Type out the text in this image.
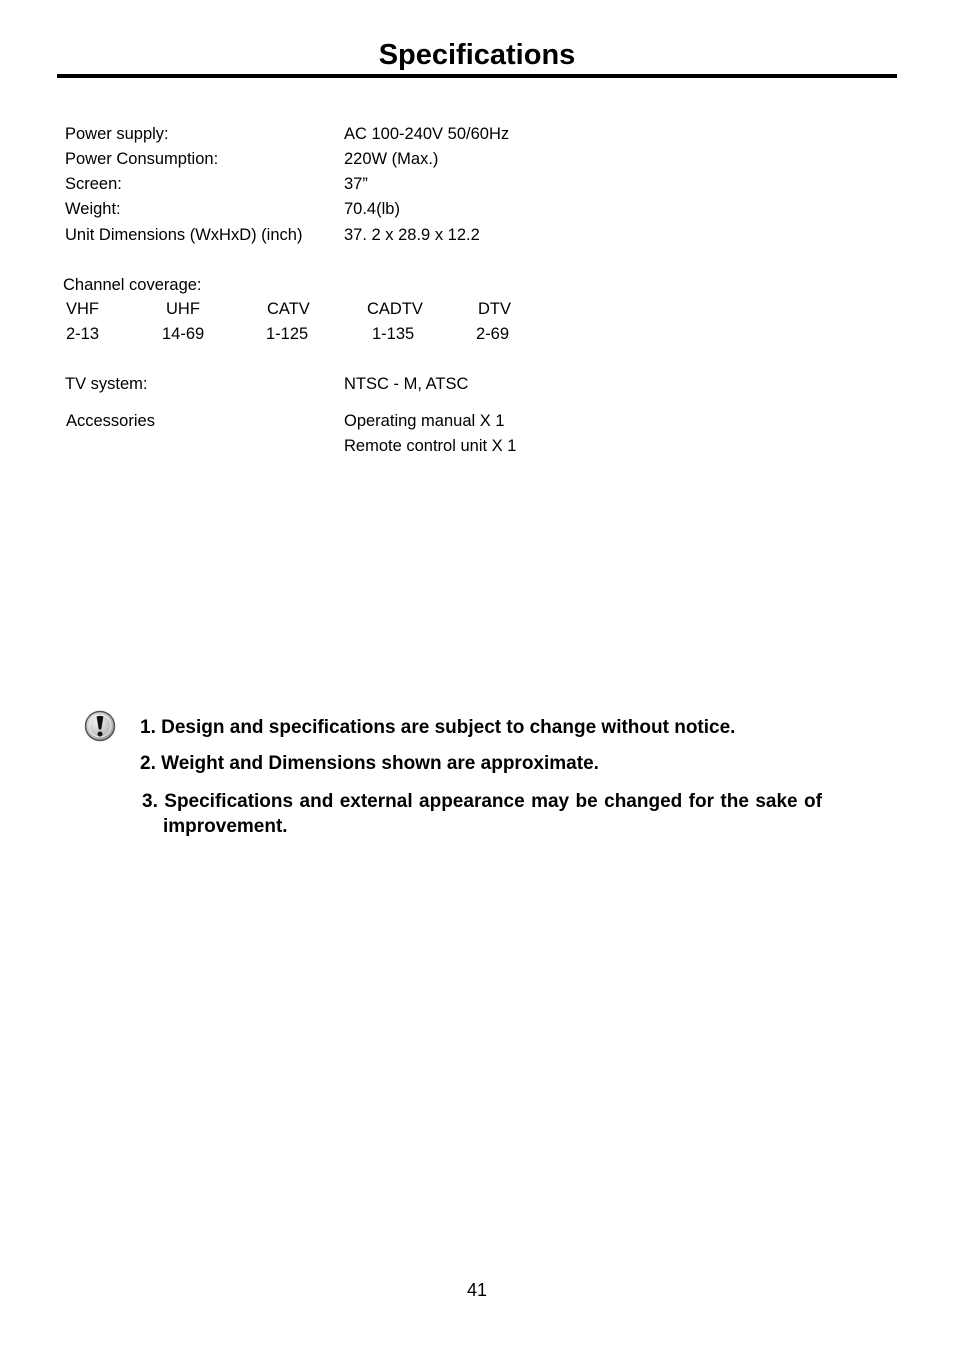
Specifications
Power supply:	AC 100-240V 50/60Hz
Power Consumption:	220W (Max.)
Screen:	37”
Weight:	70.4(lb)
Unit Dimensions (WxHxD) (inch)	37. 2 x 28.9 x 12.2
Channel coverage:
VHF	UHF	CATV	CADTV	DTV
2-13	14-69	1-125	1-135	2-69
TV system:	NTSC - M, ATSC
Accessories	Operating manual X 1
Remote control unit X 1
1. Design and specifications are subject to change without notice.
2. Weight and Dimensions shown are approximate.
3. Specifications and external appearance may be changed for the sake of improvement.
41
